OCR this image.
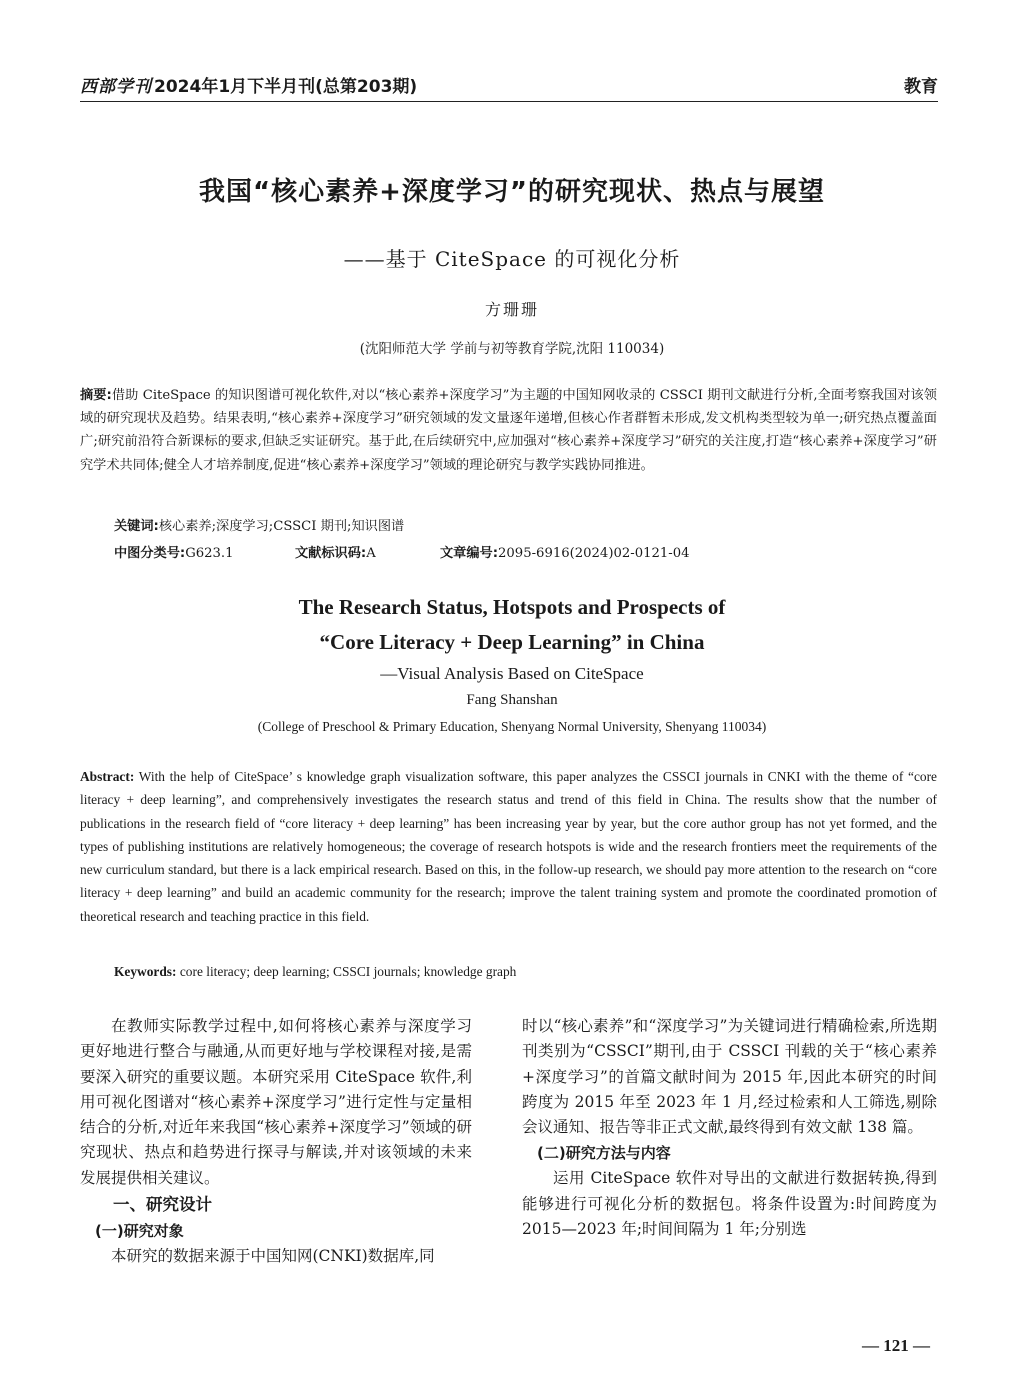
西部学刊 2024年1月下半月刊(总第203期)	教育
我国“核心素养+深度学习”的研究现状、热点与展望
——基于 CiteSpace 的可视化分析
方珊珊
(沈阳师范大学 学前与初等教育学院,沈阳 110034)
摘要:借助 CiteSpace 的知识图谱可视化软件,对以“核心素养+深度学习”为主题的中国知网收录的 CSSCI 期刊文献进行分析,全面考察我国对该领域的研究现状及趋势。结果表明,“核心素养+深度学习”研究领域的发文量逐年递增,但核心作者群暂未形成,发文机构类型较为单一;研究热点覆盖面广;研究前沿符合新课标的要求,但缺乏实证研究。基于此,在后续研究中,应加强对“核心素养+深度学习”研究的关注度,打造“核心素养+深度学习”研究学术共同体;健全人才培养制度,促进“核心素养+深度学习”领域的理论研究与教学实践协同推进。
关键词:核心素养;深度学习;CSSCI 期刊;知识图谱
中图分类号:G623.1	文献标识码:A	文章编号:2095-6916(2024)02-0121-04
The Research Status, Hotspots and Prospects of
“Core Literacy + Deep Learning” in China
—Visual Analysis Based on CiteSpace
Fang Shanshan
(College of Preschool & Primary Education, Shenyang Normal University, Shenyang 110034)
Abstract: With the help of CiteSpace’ s knowledge graph visualization software, this paper analyzes the CSSCI journals in CNKI with the theme of “core literacy + deep learning”, and comprehensively investigates the research status and trend of this field in China. The results show that the number of publications in the research field of “core literacy + deep learning” has been increasing year by year, but the core author group has not yet formed, and the types of publishing institutions are relatively homogeneous; the coverage of research hotspots is wide and the research frontiers meet the requirements of the new curriculum standard, but there is a lack empirical research. Based on this, in the follow-up research, we should pay more attention to the research on “core literacy + deep learning” and build an academic community for the research; improve the talent training system and promote the coordinated promotion of theoretical research and teaching practice in this field.
Keywords: core literacy; deep learning; CSSCI journals; knowledge graph

在教师实际教学过程中,如何将核心素养与深度学习更好地进行整合与融通,从而更好地与学校课程对接,是需要深入研究的重要议题。本研究采用 CiteSpace 软件,利用可视化图谱对“核心素养+深度学习”进行定性与定量相结合的分析,对近年来我国“核心素养+深度学习”领域的研究现状、热点和趋势进行探寻与解读,并对该领域的未来发展提供相关建议。

一、研究设计
(一)研究对象

本研究的数据来源于中国知网(CNKI)数据库,同

时以“核心素养”和“深度学习”为关键词进行精确检索,所选期刊类别为“CSSCI”期刊,由于 CSSCI 刊载的关于“核心素养+深度学习”的首篇文献时间为 2015 年,因此本研究的时间跨度为 2015 年至 2023 年 1 月,经过检索和人工筛选,剔除会议通知、报告等非正式文献,最终得到有效文献 138 篇。

(二)研究方法与内容

运用 CiteSpace 软件对导出的文献进行数据转换,得到能够进行可视化分析的数据包。将条件设置为:时间跨度为 2015—2023 年;时间间隔为 1 年;分别选

— 121 —
